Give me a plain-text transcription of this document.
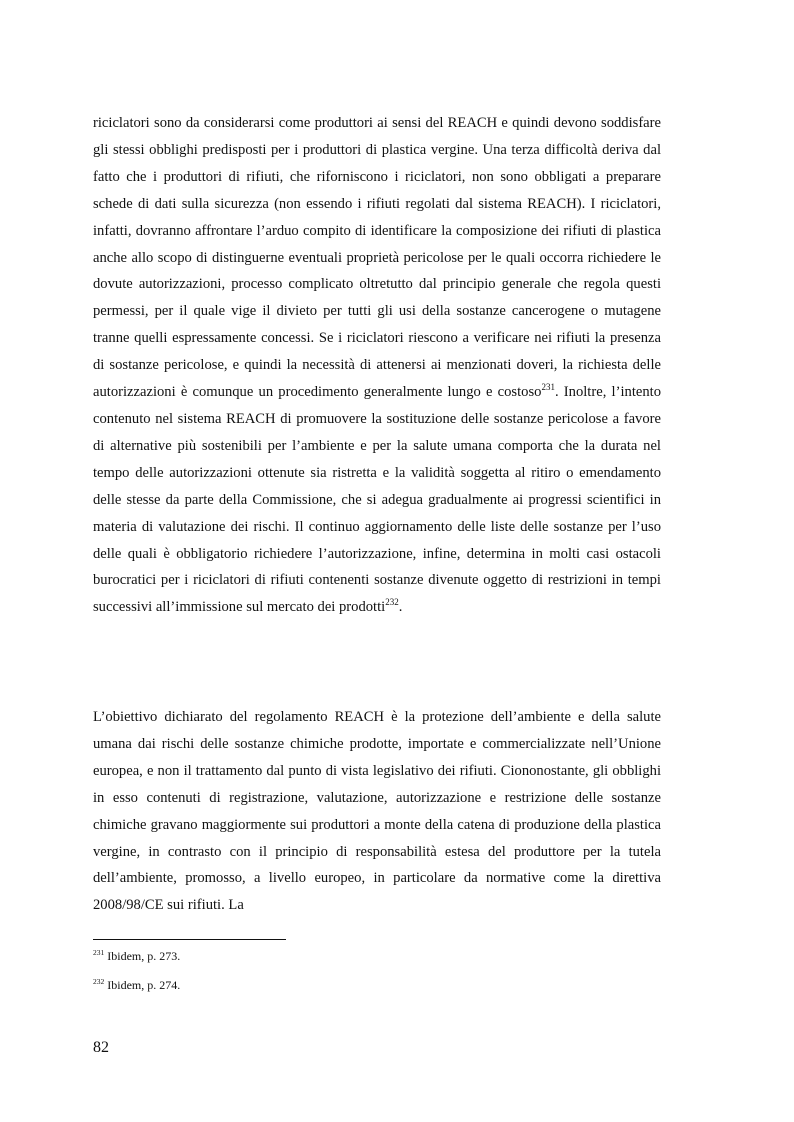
riciclatori sono da considerarsi come produttori ai sensi del REACH e quindi devono soddisfare gli stessi obblighi predisposti per i produttori di plastica vergine. Una terza difficoltà deriva dal fatto che i produttori di rifiuti, che riforniscono i riciclatori, non sono obbligati a preparare schede di dati sulla sicurezza (non essendo i rifiuti regolati dal sistema REACH). I riciclatori, infatti, dovranno affrontare l’arduo compito di identificare la composizione dei rifiuti di plastica anche allo scopo di distinguerne eventuali proprietà pericolose per le quali occorra richiedere le dovute autorizzazioni, processo complicato oltretutto dal principio generale che regola questi permessi, per il quale vige il divieto per tutti gli usi della sostanze cancerogene o mutagene tranne quelli espressamente concessi. Se i riciclatori riescono a verificare nei rifiuti la presenza di sostanze pericolose, e quindi la necessità di attenersi ai menzionati doveri, la richiesta delle autorizzazioni è comunque un procedimento generalmente lungo e costoso$^{231}$. Inoltre, l’intento contenuto nel sistema REACH di promuovere la sostituzione delle sostanze pericolose a favore di alternative più sostenibili per l’ambiente e per la salute umana comporta che la durata nel tempo delle autorizzazioni ottenute sia ristretta e la validità soggetta al ritiro o emendamento delle stesse da parte della Commissione, che si adegua gradualmente ai progressi scientifici in materia di valutazione dei rischi. Il continuo aggiornamento delle liste delle sostanze per l’uso delle quali è obbligatorio richiedere l’autorizzazione, infine, determina in molti casi ostacoli burocratici per i riciclatori di rifiuti contenenti sostanze divenute oggetto di restrizioni in tempi successivi all’immissione sul mercato dei prodotti$^{232}$.

L’obiettivo dichiarato del regolamento REACH è la protezione dell’ambiente e della salute umana dai rischi delle sostanze chimiche prodotte, importate e commercializzate nell’Unione europea, e non il trattamento dal punto di vista legislativo dei rifiuti. Ciononostante, gli obblighi in esso contenuti di registrazione, valutazione, autorizzazione e restrizione delle sostanze chimiche gravano maggiormente sui produttori a monte della catena di produzione della plastica vergine, in contrasto con il principio di responsabilità estesa del produttore per la tutela dell’ambiente, promosso, a livello europeo, in particolare da normative come la direttiva 2008/98/CE sui rifiuti. La

$^{231}$ Ibidem, p. 273.

$^{232}$ Ibidem, p. 274.

82
